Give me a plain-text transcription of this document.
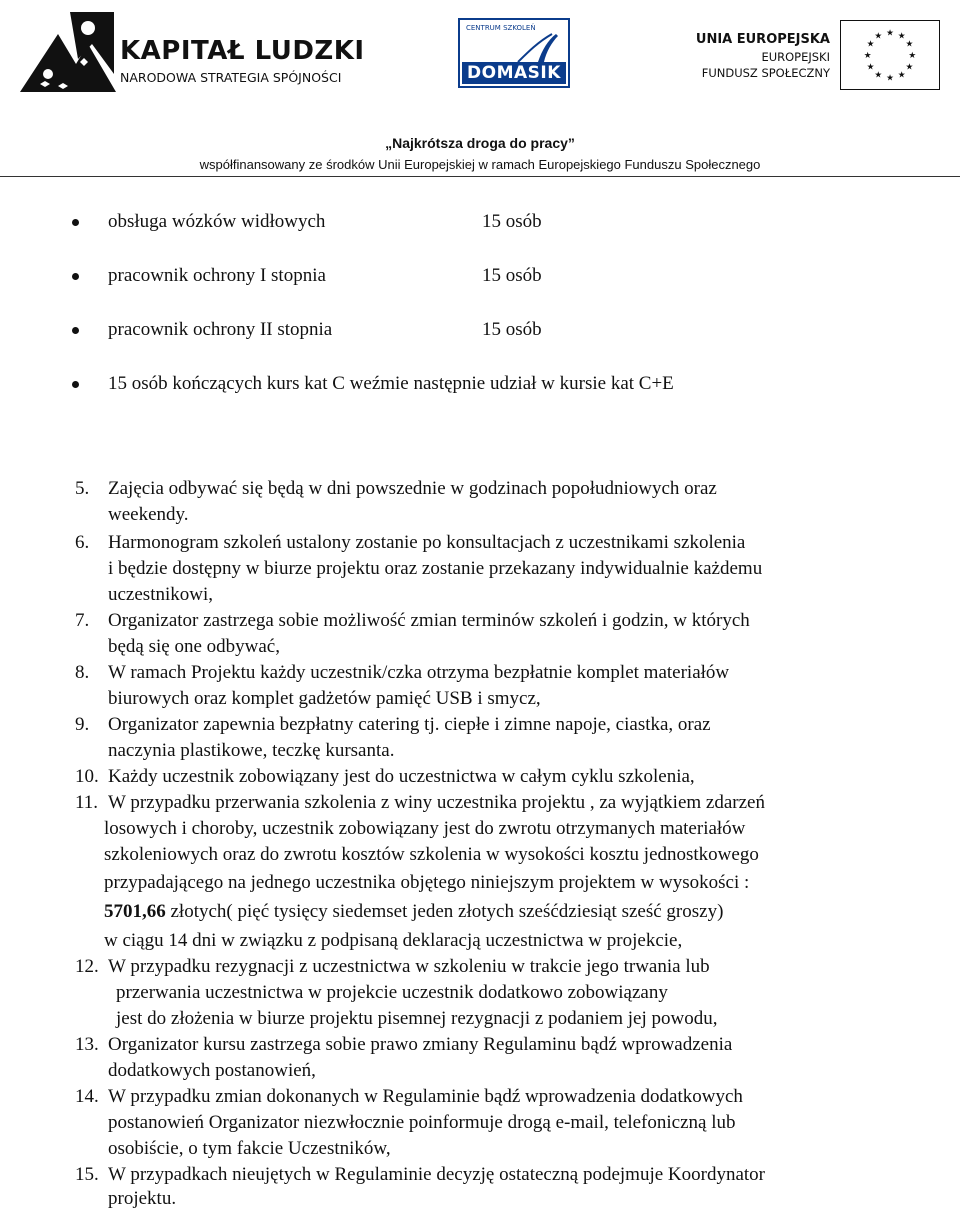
KAPITAŁ LUDZKI
NARODOWA STRATEGIA SPÓJNOŚCI
CENTRUM SZKOLEŃ
DOMASIK
UNIA EUROPEJSKA
EUROPEJSKI
FUNDUSZ SPOŁECZNY
★ ★
★
★
★
★
★
★
★
★
★
★
„Najkrótsza droga do pracy”
współfinansowany ze środków Unii Europejskiej w ramach Europejskiego Funduszu Społecznego
obsługa wózków widłowych	15 osób
pracownik ochrony I stopnia	15 osób
pracownik ochrony II stopnia	15 osób
15 osób kończących kurs kat C weźmie następnie udział w kursie kat C+E
5. Zajęcia odbywać się będą w dni powszednie w godzinach popołudniowych oraz
weekendy.
6. Harmonogram szkoleń ustalony zostanie po konsultacjach z uczestnikami szkolenia
i będzie dostępny w biurze projektu oraz zostanie przekazany indywidualnie każdemu
uczestnikowi,
7. Organizator zastrzega sobie możliwość zmian terminów szkoleń i godzin, w których
będą się one odbywać,
8. W ramach Projektu każdy uczestnik/czka otrzyma bezpłatnie komplet materiałów
biurowych oraz komplet gadżetów pamięć USB i smycz,
9. Organizator zapewnia bezpłatny catering tj. ciepłe i zimne napoje, ciastka, oraz
naczynia plastikowe, teczkę kursanta.
10. Każdy uczestnik zobowiązany jest do uczestnictwa w całym cyklu szkolenia,
11. W przypadku przerwania szkolenia z winy uczestnika projektu , za wyjątkiem zdarzeń
losowych i choroby, uczestnik zobowiązany jest do zwrotu otrzymanych materiałów
szkoleniowych oraz do zwrotu kosztów szkolenia w wysokości kosztu jednostkowego
przypadającego na jednego uczestnika objętego niniejszym projektem w wysokości :
5701,66 złotych( pięć tysięcy siedemset jeden złotych sześćdziesiąt sześć groszy)
w ciągu 14 dni w związku z podpisaną deklaracją uczestnictwa w projekcie,
12. W przypadku rezygnacji z uczestnictwa w szkoleniu w trakcie jego trwania lub
przerwania uczestnictwa w projekcie uczestnik dodatkowo zobowiązany
jest do złożenia w biurze projektu pisemnej rezygnacji z podaniem jej powodu,
13. Organizator kursu zastrzega sobie prawo zmiany Regulaminu bądź wprowadzenia
dodatkowych postanowień,
14. W przypadku zmian dokonanych w Regulaminie bądź wprowadzenia dodatkowych
postanowień Organizator niezwłocznie poinformuje drogą e-mail, telefoniczną lub
osobiście, o tym fakcie Uczestników,
15. W przypadkach nieujętych w Regulaminie decyzję ostateczną podejmuje Koordynator
projektu.
